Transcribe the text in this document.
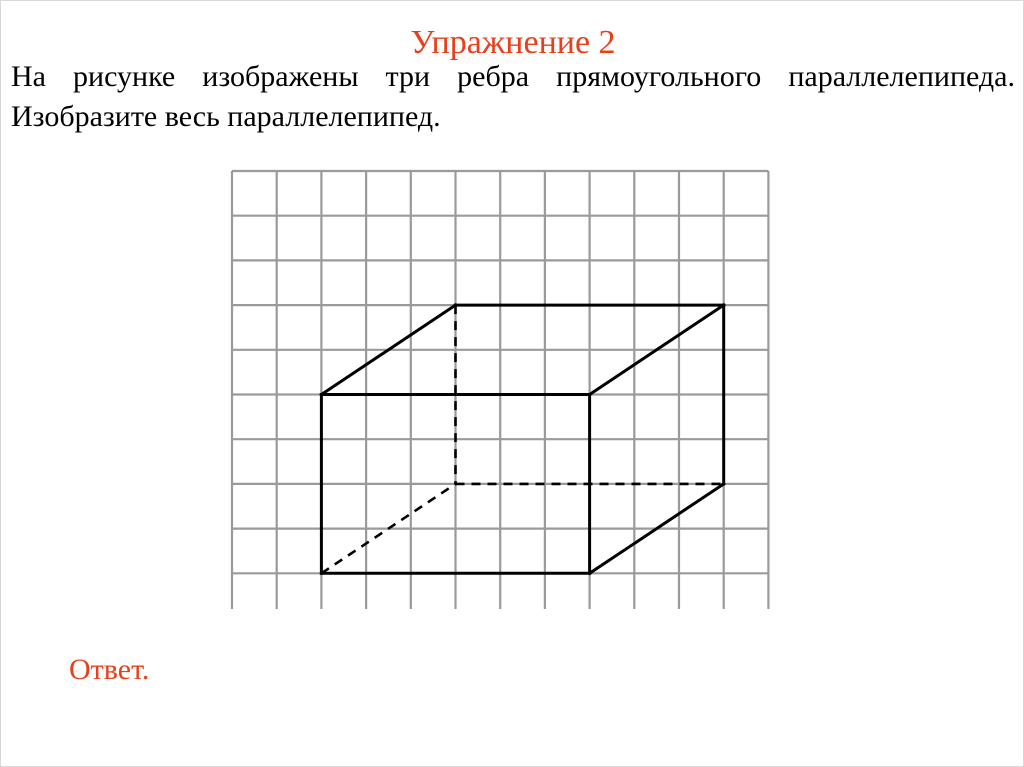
Упражнение 2

На рисунке изображены три ребра прямоугольного параллелепипеда. Изобразите весь параллелепипед.

Ответ.
